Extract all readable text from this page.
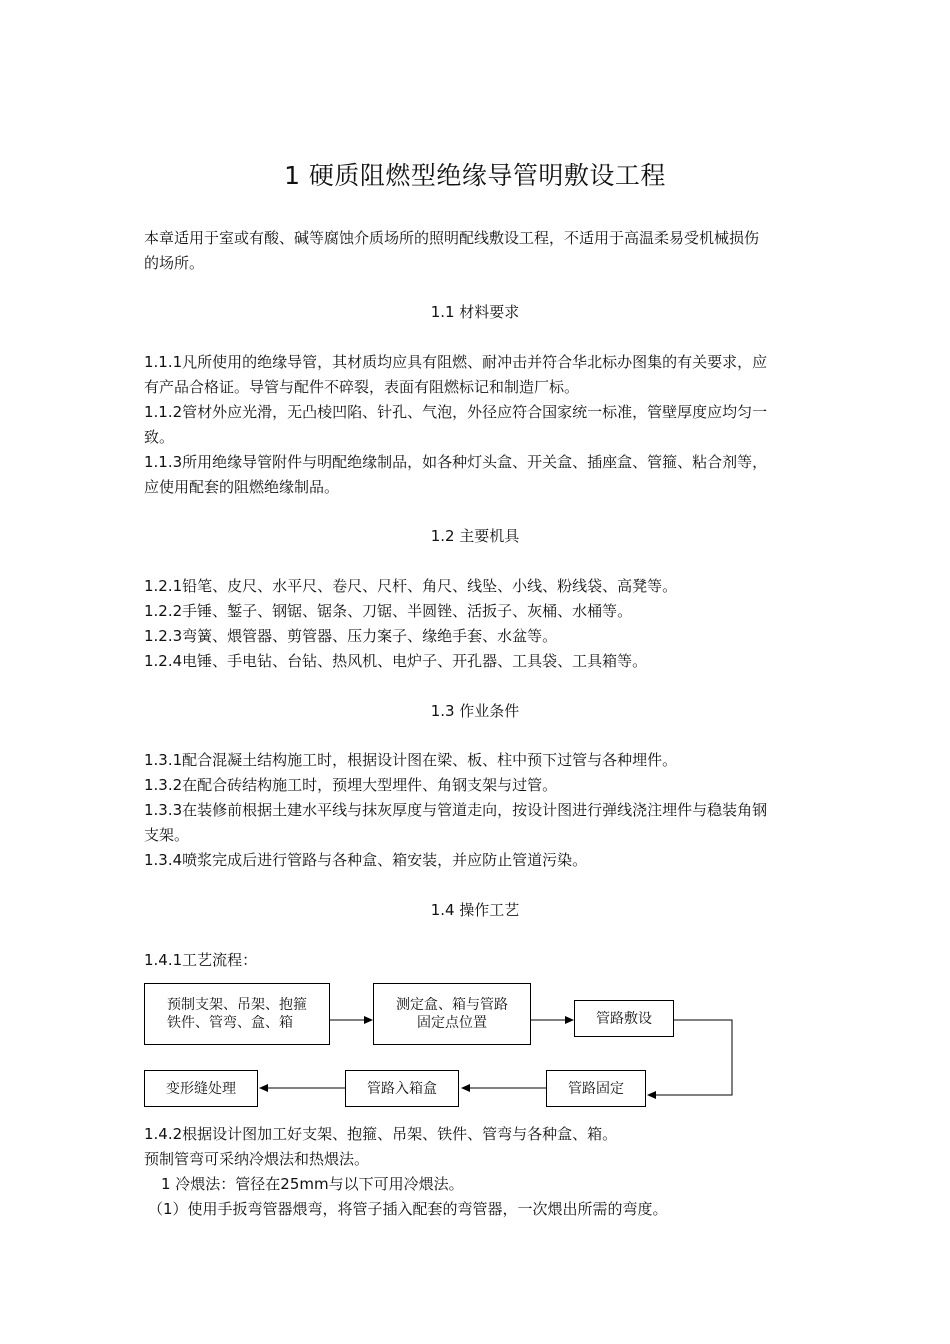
1 硬质阻燃型绝缘导管明敷设工程
本章适用于室或有酸、碱等腐蚀介质场所的照明配线敷设工程，不适用于高温柔易受机械损伤
的场所。
1.1 材料要求
1.1.1凡所使用的绝缘导管，其材质均应具有阻燃、耐冲击并符合华北标办图集的有关要求，应
有产品合格证。导管与配件不碎裂，表面有阻燃标记和制造厂标。
1.1.2管材外应光滑，无凸棱凹陷、针孔、气泡，外径应符合国家统一标准，管壁厚度应均匀一
致。
1.1.3所用绝缘导管附件与明配绝缘制品，如各种灯头盒、开关盒、插座盒、管箍、粘合剂等，
应使用配套的阻燃绝缘制品。
1.2 主要机具
1.2.1铅笔、皮尺、水平尺、卷尺、尺杆、角尺、线坠、小线、粉线袋、高凳等。
1.2.2手锤、錾子、钢锯、锯条、刀锯、半圆锉、活扳子、灰桶、水桶等。
1.2.3弯簧、煨管器、剪管器、压力案子、缘绝手套、水盆等。
1.2.4电锤、手电钻、台钻、热风机、电炉子、开孔器、工具袋、工具箱等。
1.3 作业条件
1.3.1配合混凝土结构施工时，根据设计图在梁、板、柱中预下过管与各种埋件。
1.3.2在配合砖结构施工时，预埋大型埋件、角钢支架与过管。
1.3.3在装修前根据土建水平线与抹灰厚度与管道走向，按设计图进行弹线浇注埋件与稳装角钢
支架。
1.3.4喷浆完成后进行管路与各种盒、箱安装，并应防止管道污染。
1.4 操作工艺
1.4.1工艺流程：
预制支架、吊架、抱箍
铁件、管弯、盒、箱
测定盒、箱与管路
固定点位置	管路敷设
管路固定
管路入箱盒
变形缝处理
1.4.2根据设计图加工好支架、抱箍、吊架、铁件、管弯与各种盒、箱。
预制管弯可采纳冷煨法和热煨法。
1 冷煨法：管径在25mm与以下可用冷煨法。
（1）使用手扳弯管器煨弯，将管子插入配套的弯管器，一次煨出所需的弯度。
